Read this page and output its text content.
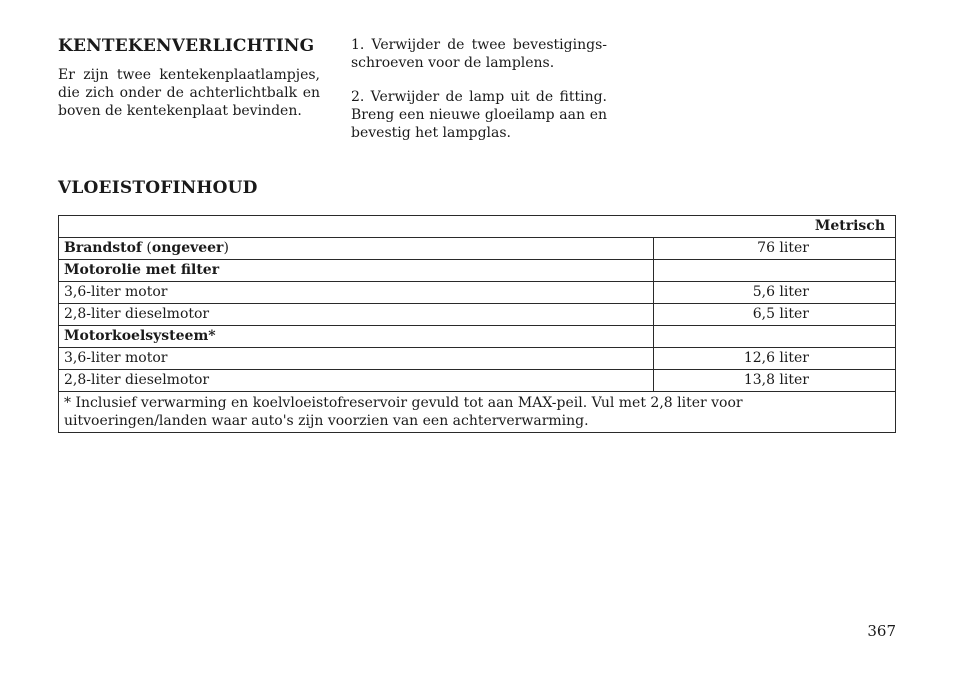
KENTEKENVERLICHTING

Er zijn twee kentekenplaatlampjes, die zich onder de achterlichtbalk en boven de kentekenplaat bevinden.

1. Verwijder de twee bevestigingsschroeven voor de lamplens.

2. Verwijder de lamp uit de fitting. Breng een nieuwe gloeilamp aan en bevestig het lampglas.

VLOEISTOFINHOUD
Metrisch	
Brandstof (ongeveer)	76 liter
Motorolie met filter	
3,6-liter motor	5,6 liter
2,8-liter dieselmotor	6,5 liter
Motorkoelsysteem*	
3,6-liter motor	12,6 liter
2,8-liter dieselmotor	13,8 liter
* Inclusief verwarming en koelvloeistofreservoir gevuld tot aan MAX-peil. Vul met 2,8 liter voor uitvoeringen/landen waar auto's zijn voorzien van een achterverwarming.	
367
